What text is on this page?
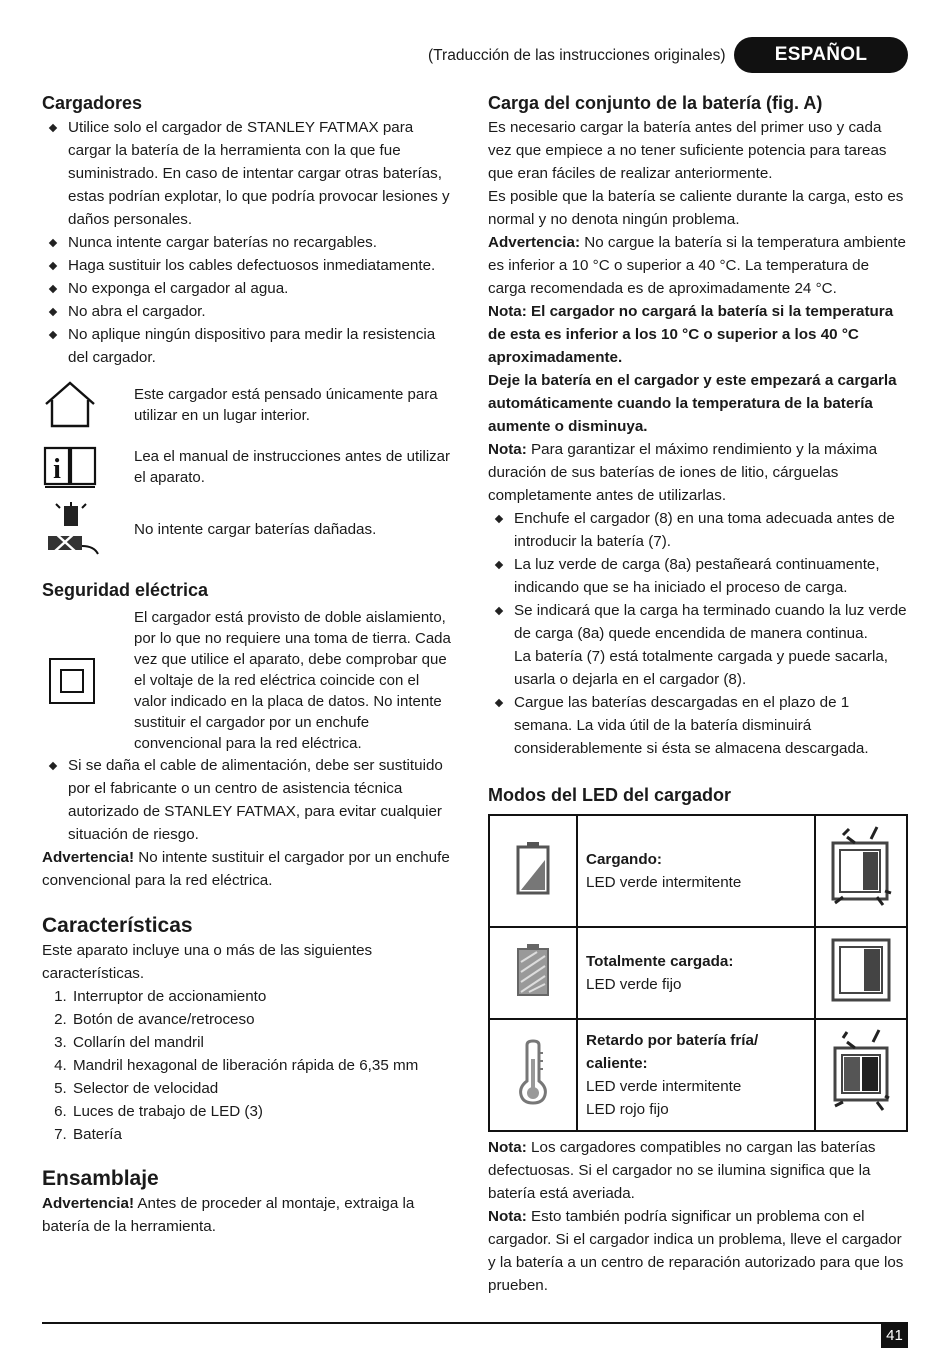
(Traducción de las instrucciones originales)	ESPAÑOL
Cargadores
Utilice solo el cargador de STANLEY FATMAX para cargar la batería de la herramienta con la que fue suministrado. En caso de intentar cargar otras baterías, estas podrían explotar, lo que podría provocar lesiones y daños personales.
Nunca intente cargar baterías no recargables.
Haga sustituir los cables defectuosos inmediatamente.
No exponga el cargador al agua.
No abra el cargador.
No aplique ningún dispositivo para medir la resistencia del cargador.
Este cargador está pensado únicamente para utilizar en un lugar interior.
i	Lea el manual de instrucciones antes de utilizar el aparato.
No intente cargar baterías dañadas.
Seguridad eléctrica
El cargador está provisto de doble aislamiento, por lo que no requiere una toma de tierra. Cada vez que utilice el aparato, debe comprobar que el voltaje de la red eléctrica coincide con el valor indicado en la placa de datos. No intente sustituir el cargador por un enchufe convencional para la red eléctrica.
Si se daña el cable de alimentación, debe ser sustituido por el fabricante o un centro de asistencia técnica autorizado de STANLEY FATMAX, para evitar cualquier situación de riesgo.

Advertencia! No intente sustituir el cargador por un enchufe convencional para la red eléctrica.

Características

Este aparato incluye una o más de las siguientes características.

1. Interruptor de accionamiento
2. Botón de avance/retroceso
3. Collarín del mandril
4. Mandril hexagonal de liberación rápida de 6,35 mm
5. Selector de velocidad
6. Luces de trabajo de LED (3)
7. Batería
Ensamblaje

Advertencia! Antes de proceder al montaje, extraiga la batería de la herramienta.

Carga del conjunto de la batería (fig. A)

Es necesario cargar la batería antes del primer uso y cada vez que empiece a no tener suficiente potencia para tareas que eran fáciles de realizar anteriormente.

Es posible que la batería se caliente durante la carga, esto es normal y no denota ningún problema.

Advertencia: No cargue la batería si la temperatura ambiente es inferior a 10 °C o superior a 40 °C. La temperatura de carga recomendada es de aproximadamente 24 °C.

Nota: El cargador no cargará la batería si la temperatura de esta es inferior a los 10 °C o superior a los 40 °C aproximadamente.

Deje la batería en el cargador y este empezará a cargarla automáticamente cuando la temperatura de la batería aumente o disminuya.

Nota: Para garantizar el máximo rendimiento y la máxima duración de sus baterías de iones de litio, cárguelas completamente antes de utilizarlas.

Enchufe el cargador (8) en una toma adecuada antes de introducir la batería (7).
La luz verde de carga (8a) pestañeará continuamente, indicando que se ha iniciado el proceso de carga.
Se indicará que la carga ha terminado cuando la luz verde de carga (8a) quede encendida de manera continua.
La batería (7) está totalmente cargada y puede sacarla, usarla o dejarla en el cargador (8).
Cargue las baterías descargadas en el plazo de 1 semana. La vida útil de la batería disminuirá considerablemente si ésta se almacena descargada.
Modos del LED del cargador

Cargando:
LED verde intermitente

Totalmente cargada:
LED verde fijo

Retardo por batería fría/ caliente:
LED verde intermitente
LED rojo fijo

Nota: Los cargadores compatibles no cargan las baterías defectuosas. Si el cargador no se ilumina significa que la batería está averiada.

Nota: Esto también podría significar un problema con el cargador. Si el cargador indica un problema, lleve el cargador y la batería a un centro de reparación autorizado para que los prueben.

41
